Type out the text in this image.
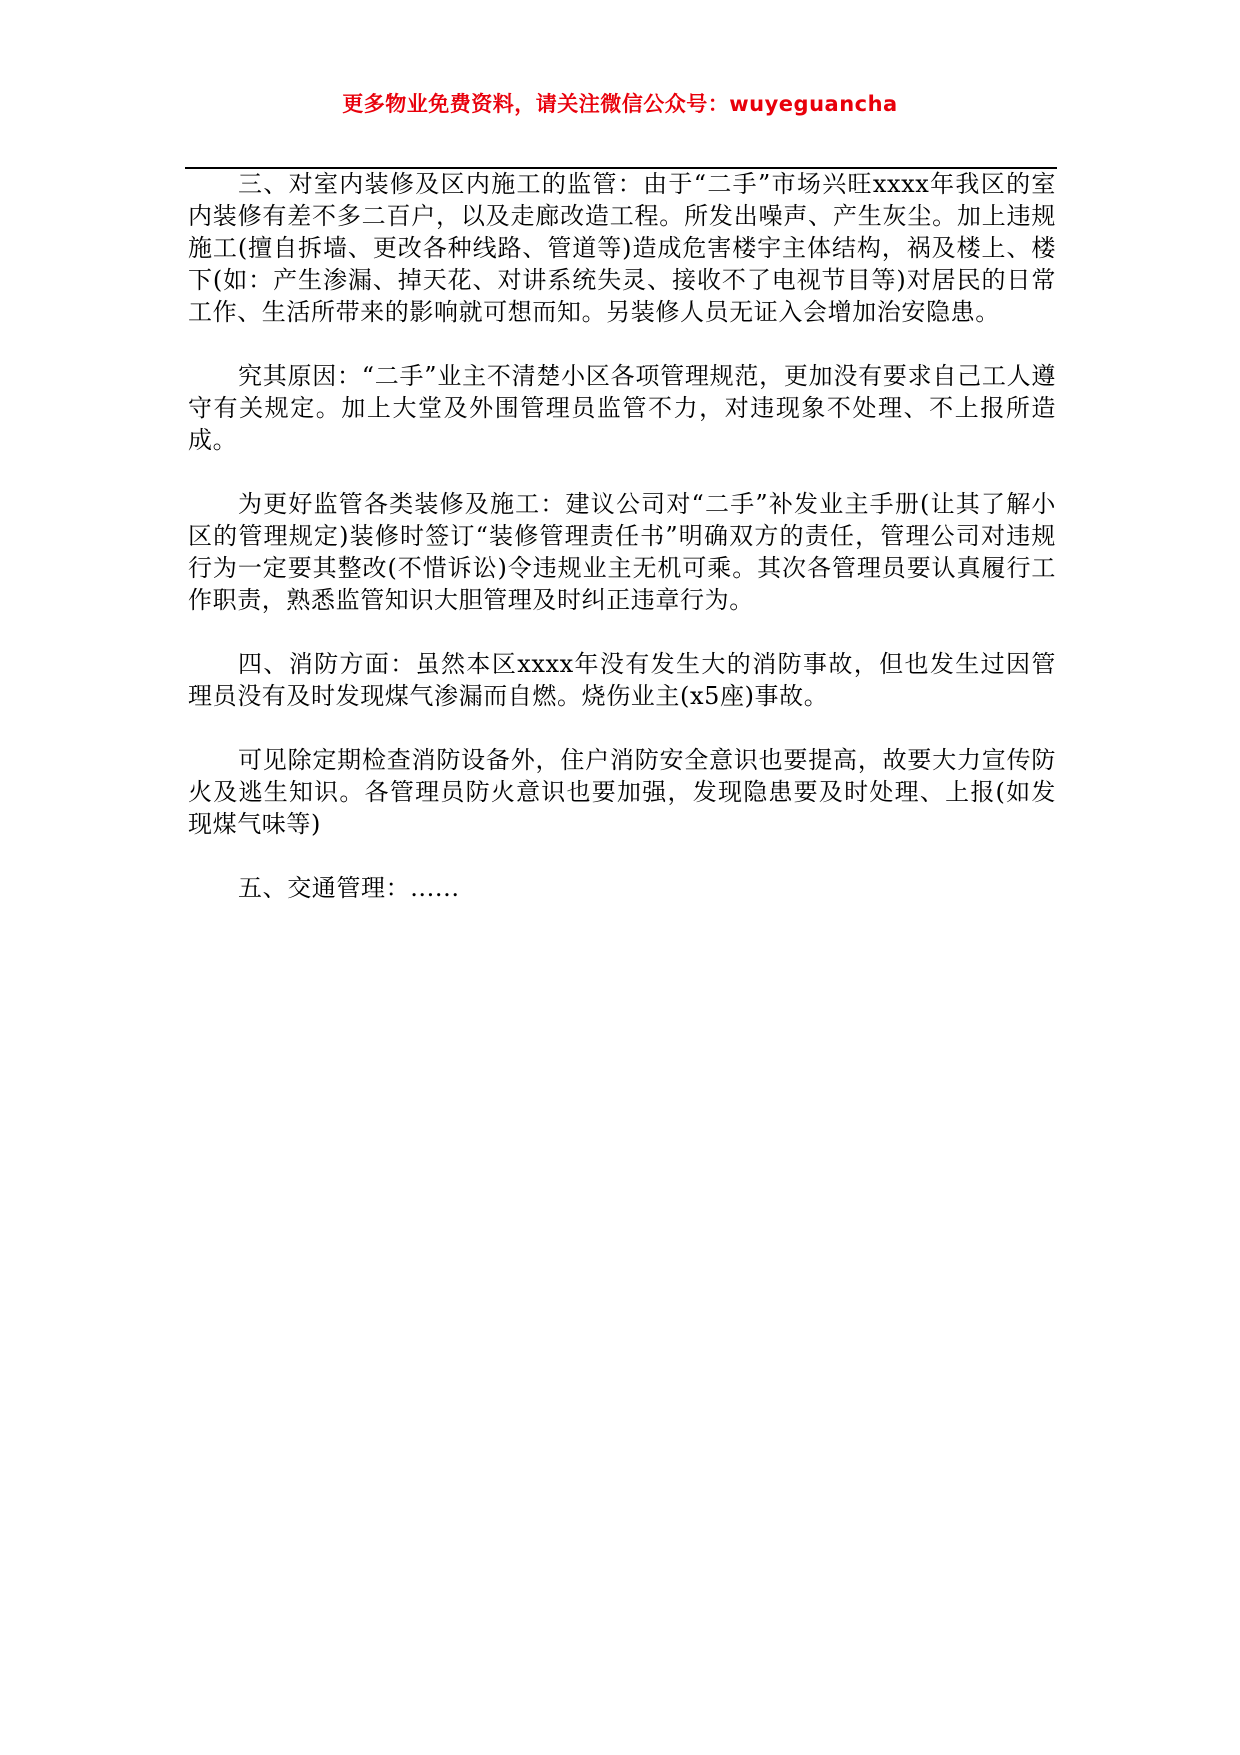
更多物业免费资料，请关注微信公众号：wuyeguancha

三、对室内装修及区内施工的监管：由于“二手”市场兴旺xxxx年我区的室内装修有差不多二百户，以及走廊改造工程。所发出噪声、产生灰尘。加上违规施工(擅自拆墙、更改各种线路、管道等)造成危害楼宇主体结构，祸及楼上、楼下(如：产生渗漏、掉天花、对讲系统失灵、接收不了电视节目等)对居民的日常工作、生活所带来的影响就可想而知。另装修人员无证入会增加治安隐患。

究其原因：“二手”业主不清楚小区各项管理规范，更加没有要求自己工人遵守有关规定。加上大堂及外围管理员监管不力，对违现象不处理、不上报所造成。

为更好监管各类装修及施工：建议公司对“二手”补发业主手册(让其了解小区的管理规定)装修时签订“装修管理责任书”明确双方的责任，管理公司对违规行为一定要其整改(不惜诉讼)令违规业主无机可乘。其次各管理员要认真履行工作职责，熟悉监管知识大胆管理及时纠正违章行为。

四、消防方面：虽然本区xxxx年没有发生大的消防事故，但也发生过因管理员没有及时发现煤气渗漏而自燃。烧伤业主(x5座)事故。

可见除定期检查消防设备外，住户消防安全意识也要提高，故要大力宣传防火及逃生知识。各管理员防火意识也要加强，发现隐患要及时处理、上报(如发现煤气味等)

五、交通管理：......
